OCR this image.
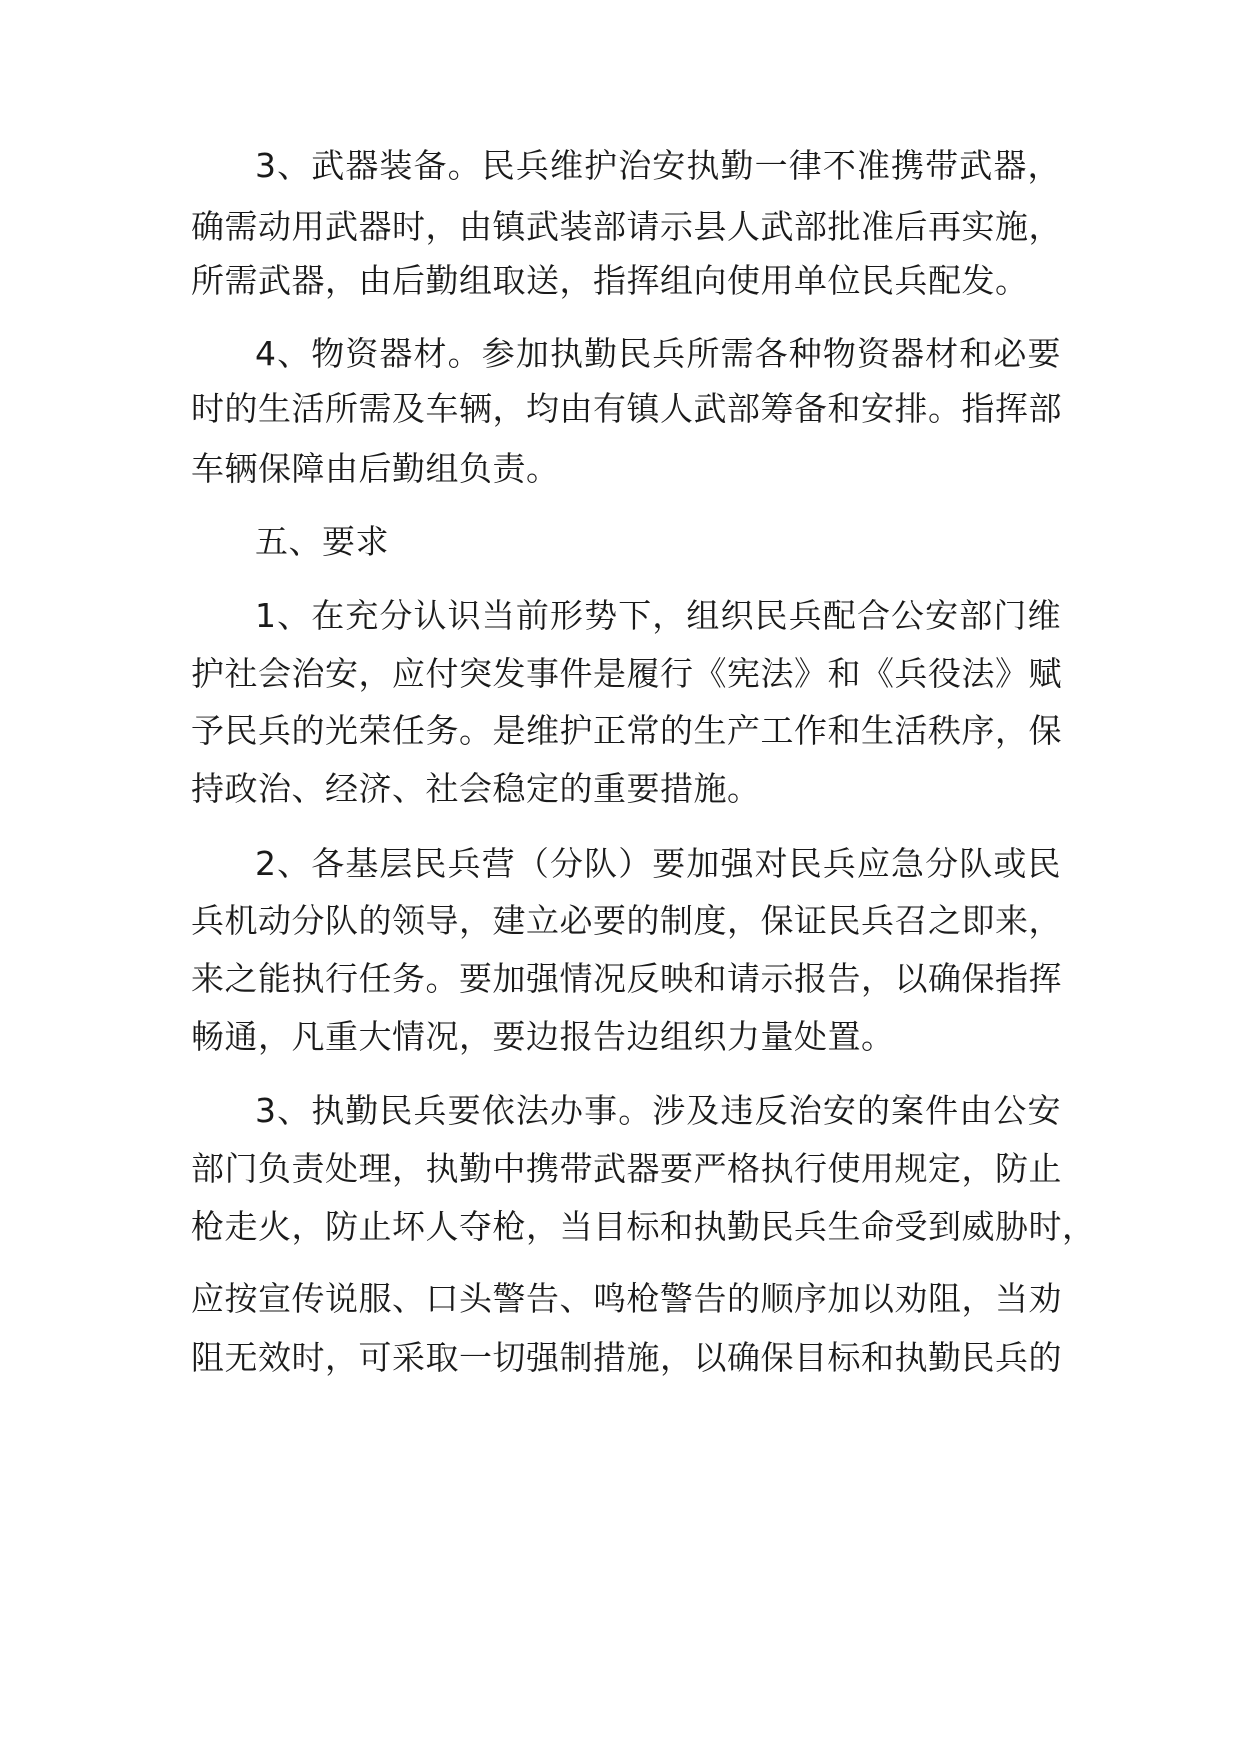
3、武器装备。民兵维护治安执勤一律不准携带武器，
确需动用武器时，由镇武装部请示县人武部批准后再实施，
所需武器，由后勤组取送，指挥组向使用单位民兵配发。
4、物资器材。参加执勤民兵所需各种物资器材和必要
时的生活所需及车辆，均由有镇人武部筹备和安排。指挥部
车辆保障由后勤组负责。
五、要求
1、在充分认识当前形势下，组织民兵配合公安部门维
护社会治安，应付突发事件是履行《宪法》和《兵役法》赋
予民兵的光荣任务。是维护正常的生产工作和生活秩序，保
持政治、经济、社会稳定的重要措施。
2、各基层民兵营（分队）要加强对民兵应急分队或民
兵机动分队的领导，建立必要的制度，保证民兵召之即来，
来之能执行任务。要加强情况反映和请示报告，以确保指挥
畅通，凡重大情况，要边报告边组织力量处置。
3、执勤民兵要依法办事。涉及违反治安的案件由公安
部门负责处理，执勤中携带武器要严格执行使用规定，防止
枪走火，防止坏人夺枪，当目标和执勤民兵生命受到威胁时，
应按宣传说服、口头警告、鸣枪警告的顺序加以劝阻，当劝
阻无效时，可采取一切强制措施，以确保目标和执勤民兵的
